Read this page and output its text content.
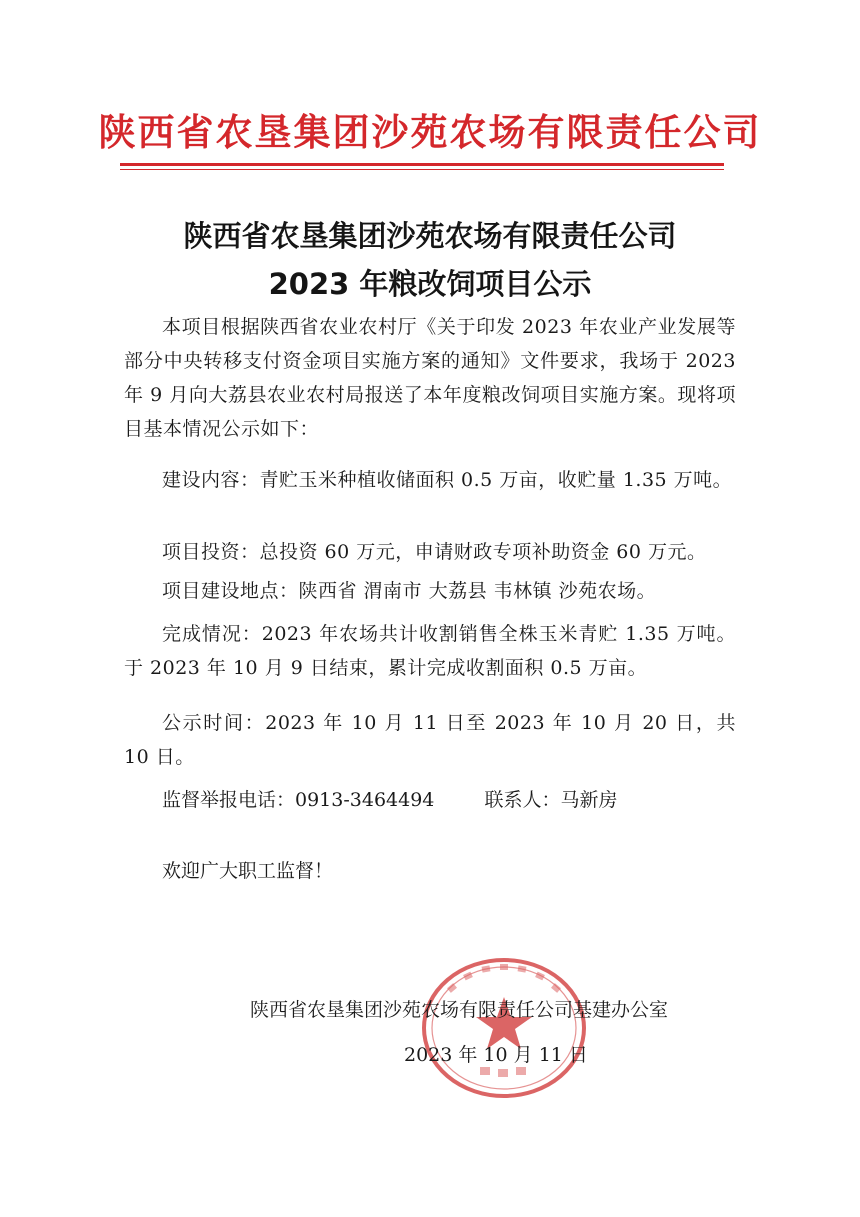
陕西省农垦集团沙苑农场有限责任公司
陕西省农垦集团沙苑农场有限责任公司
2023 年粮改饲项目公示
本项目根据陕西省农业农村厅《关于印发 2023 年农业产业发展等部分中央转移支付资金项目实施方案的通知》文件要求，我场于 2023 年 9 月向大荔县农业农村局报送了本年度粮改饲项目实施方案。现将项目基本情况公示如下：
建设内容：青贮玉米种植收储面积 0.5 万亩，收贮量 1.35 万吨。
项目投资：总投资 60 万元，申请财政专项补助资金 60 万元。
项目建设地点：陕西省 渭南市 大荔县 韦林镇 沙苑农场。
完成情况：2023 年农场共计收割销售全株玉米青贮 1.35 万吨。于 2023 年 10 月 9 日结束，累计完成收割面积 0.5 万亩。
公示时间：2023 年 10 月 11 日至 2023 年 10 月 20 日，共 10 日。
监督举报电话：0913-3464494	联系人：马新房
欢迎广大职工监督！
陕西省农垦集团沙苑农场有限责任公司基建办公室
2023 年 10 月 11 日
